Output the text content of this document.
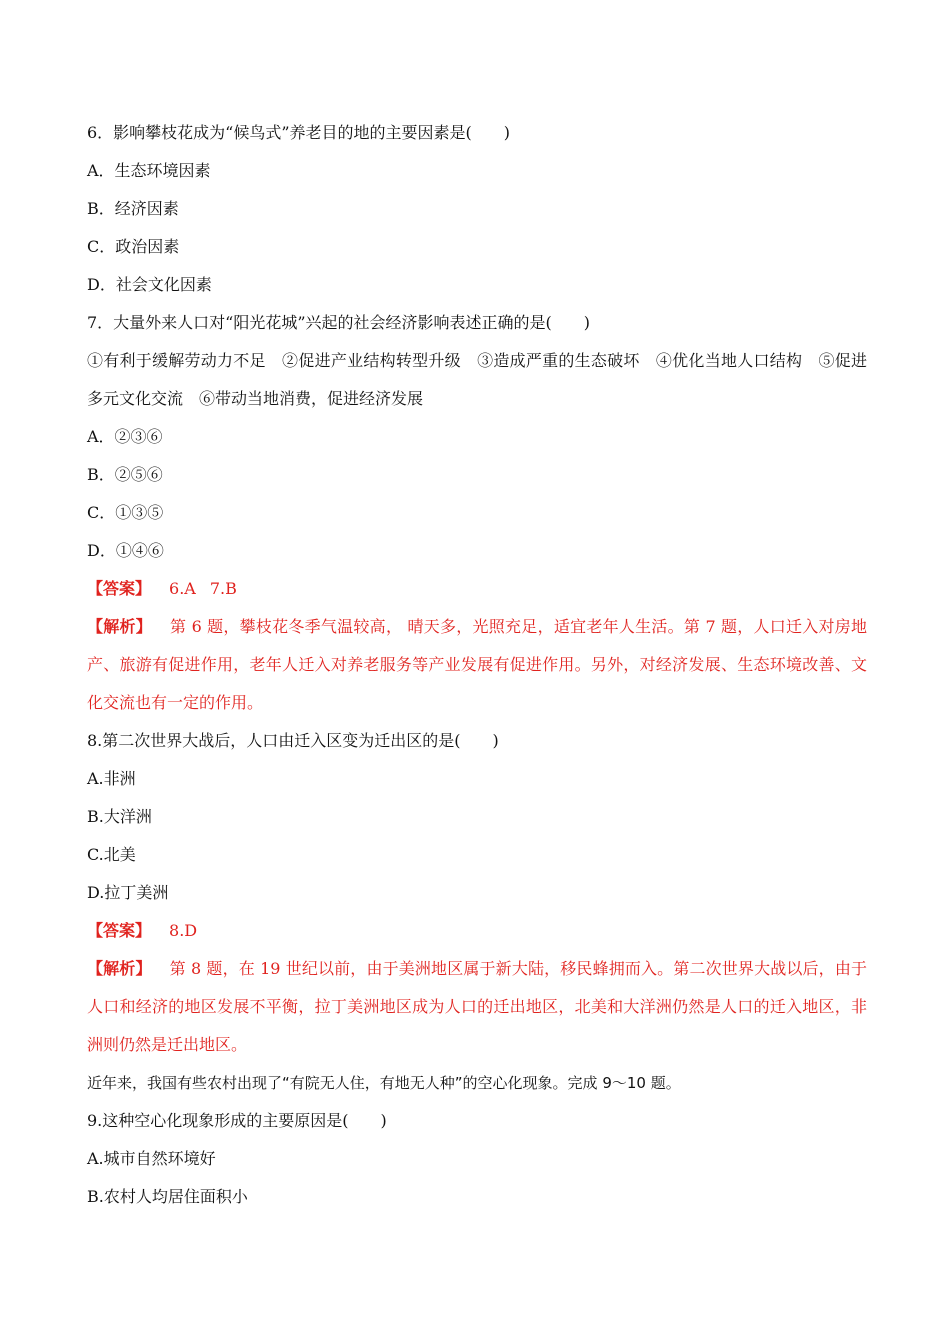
6．影响攀枝花成为“候鸟式”养老目的地的主要因素是(　　)
A．生态环境因素
B．经济因素
C．政治因素
D．社会文化因素
7．大量外来人口对“阳光花城”兴起的社会经济影响表述正确的是(　　)
①有利于缓解劳动力不足　②促进产业结构转型升级　③造成严重的生态破坏　④优化当地人口结构　⑤促进多元文化交流　⑥带动当地消费，促进经济发展
A．②③⑥
B．②⑤⑥
C．①③⑤
D．①④⑥
【答案】 6.A 7.B
【解析】 第 6 题，攀枝花冬季气温较高， 晴天多，光照充足，适宜老年人生活。第 7 题，人口迁入对房地产、旅游有促进作用，老年人迁入对养老服务等产业发展有促进作用。另外，对经济发展、生态环境改善、文化交流也有一定的作用。
8.第二次世界大战后，人口由迁入区变为迁出区的是(　　)
A.非洲
B.大洋洲
C.北美
D.拉丁美洲
【答案】 8.D
【解析】 第 8 题，在 19 世纪以前，由于美洲地区属于新大陆，移民蜂拥而入。第二次世界大战以后，由于人口和经济的地区发展不平衡，拉丁美洲地区成为人口的迁出地区，北美和大洋洲仍然是人口的迁入地区，非洲则仍然是迁出地区。
近年来，我国有些农村出现了“有院无人住，有地无人种”的空心化现象。完成 9～10 题。
9.这种空心化现象形成的主要原因是(　　)
A.城市自然环境好
B.农村人均居住面积小
